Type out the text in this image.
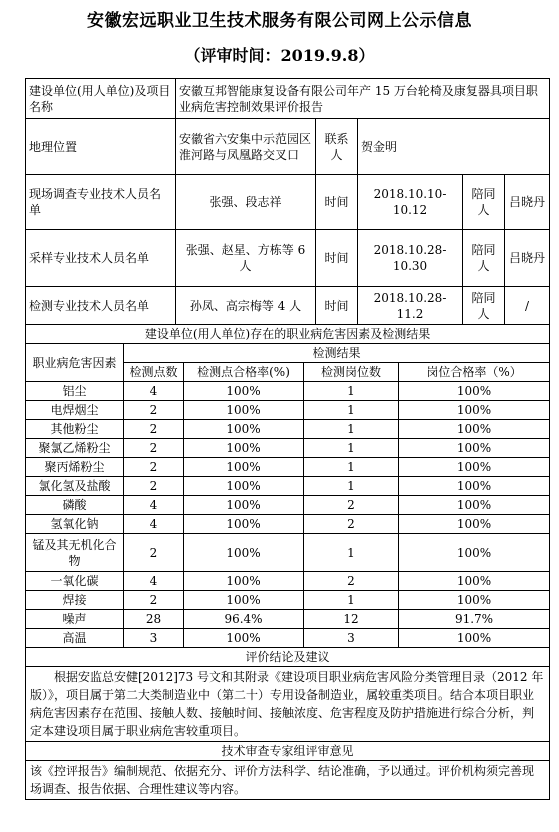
安徽宏远职业卫生技术服务有限公司网上公示信息
（评审时间：2019.9.8）
建设单位(用人单位)及项目名称	安徽互邦智能康复设备有限公司年产 15 万台轮椅及康复器具项目职业病危害控制效果评价报告				
地理位置	安徽省六安集中示范园区淮河路与凤凰路交叉口	联系人	贺金明		
现场调查专业技术人员名单	张强、段志祥	时间	2018.10.10-10.12	陪同人	吕晓丹
采样专业技术人员名单	张强、赵星、方栋等 6 人	时间	2018.10.28-10.30	陪同人	吕晓丹
检测专业技术人员名单	孙凤、高宗梅等 4 人	时间	2018.10.28-11.2	陪同人	/
建设单位(用人单位)存在的职业病危害因素及检测结果				
职业病危害因素	检测结果			
	检测点数	检测点合格率(%)	检测岗位数	岗位合格率（%）
铝尘	4	100%	1	100%
电焊烟尘	2	100%	1	100%
其他粉尘	2	100%	1	100%
聚氯乙烯粉尘	2	100%	1	100%
聚丙烯粉尘	2	100%	1	100%
氯化氢及盐酸	2	100%	1	100%
磷酸	4	100%	2	100%
氢氧化钠	4	100%	2	100%
锰及其无机化合物	2	100%	1	100%
一氧化碳	4	100%	2	100%
焊接	2	100%	1	100%
噪声	28	96.4%	12	91.7%
高温	3	100%	3	100%
评价结论及建议
根据安监总安健[2012]73 号文和其附录《建设项目职业病危害风险分类管理目录（2012 年版）》，项目属于第二大类制造业中（第二十）专用设备制造业，属较重类项目。结合本项目职业病危害因素存在范围、接触人数、接触时间、接触浓度、危害程度及防护措施进行综合分析，判定本建设项目属于职业病危害较重项目。
技术审查专家组评审意见
该《控评报告》编制规范、依据充分、评价方法科学、结论准确，予以通过。评价机构须完善现场调查、报告依据、合理性建议等内容。
